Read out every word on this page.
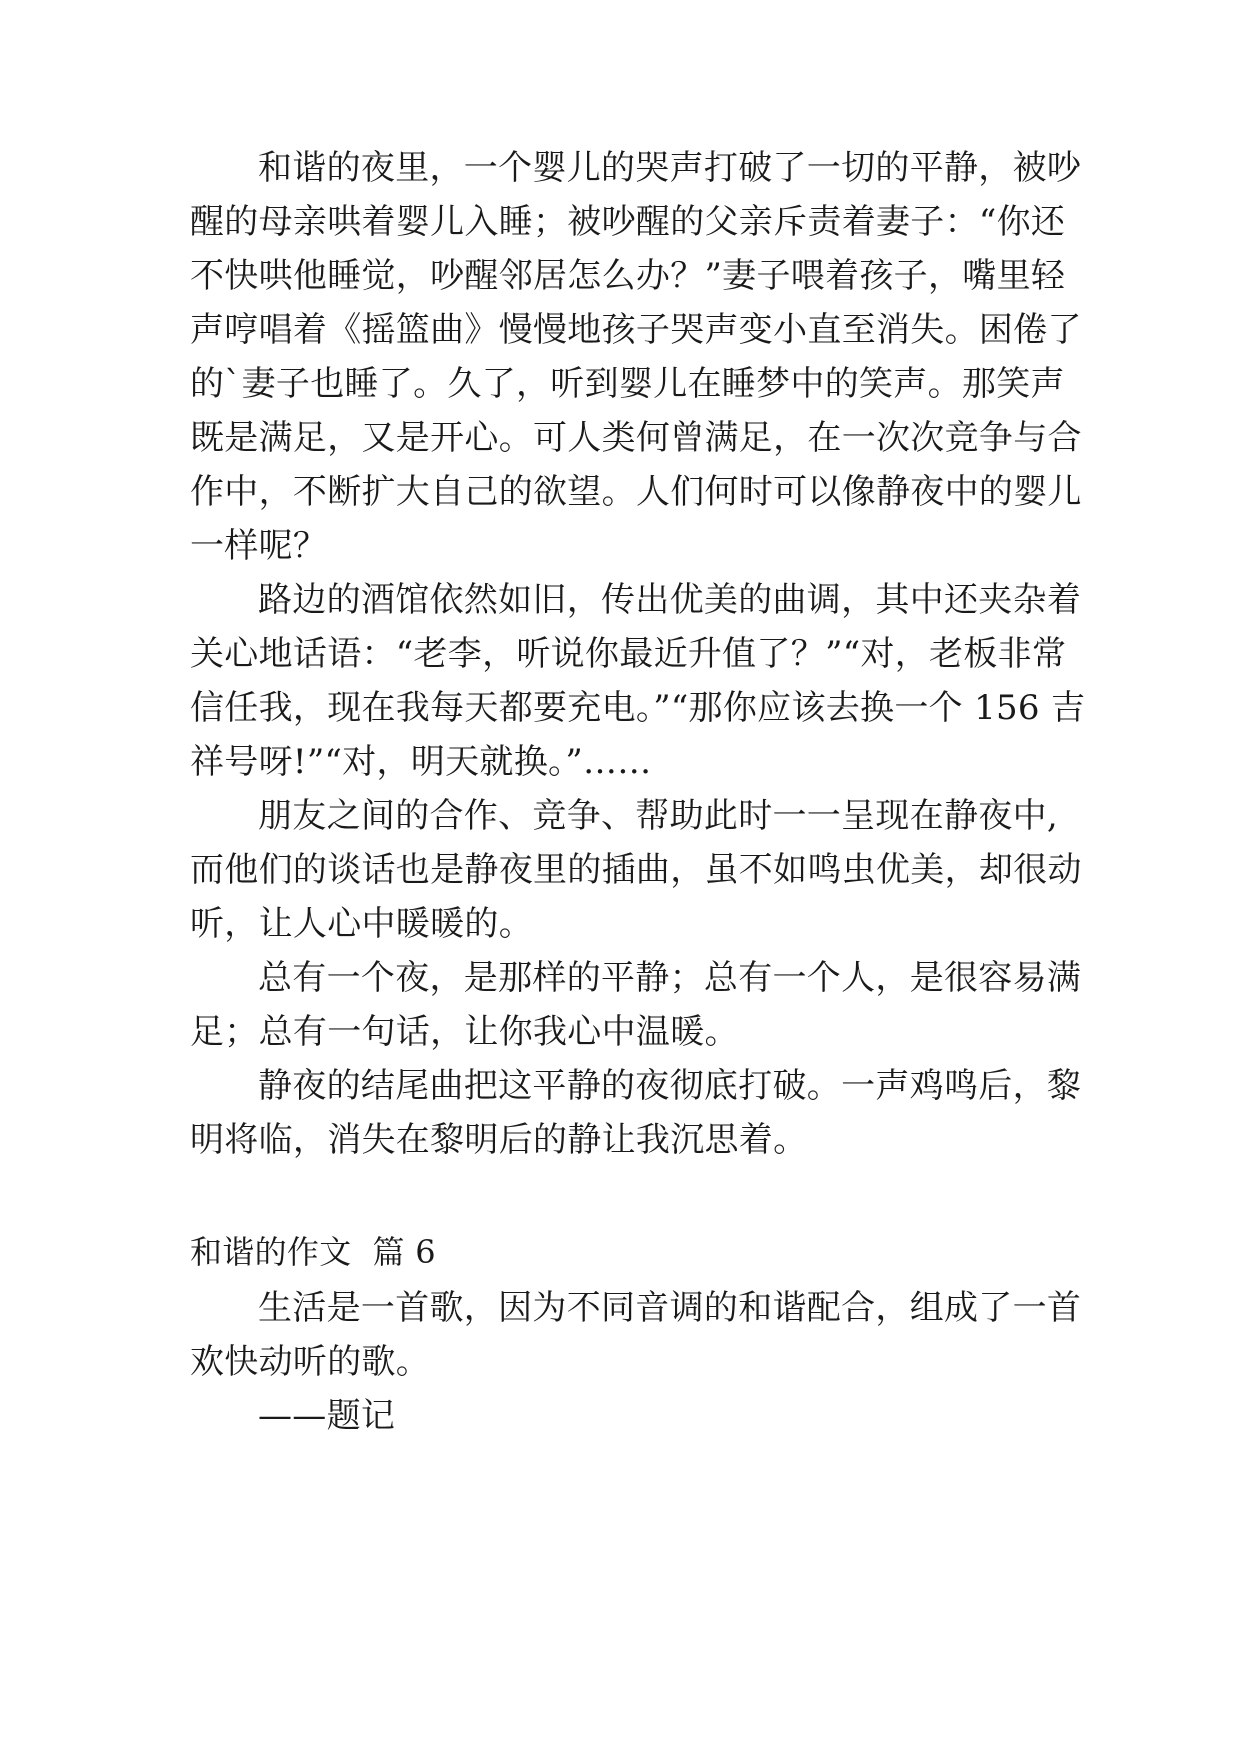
和谐的夜里，一个婴儿的哭声打破了一切的平静，被吵
醒的母亲哄着婴儿入睡；被吵醒的父亲斥责着妻子：“你还
不快哄他睡觉，吵醒邻居怎么办？”妻子喂着孩子，嘴里轻
声哼唱着《摇篮曲》慢慢地孩子哭声变小直至消失。困倦了
的`妻子也睡了。久了，听到婴儿在睡梦中的笑声。那笑声
既是满足，又是开心。可人类何曾满足，在一次次竞争与合
作中，不断扩大自己的欲望。人们何时可以像静夜中的婴儿
一样呢？
路边的酒馆依然如旧，传出优美的曲调，其中还夹杂着
关心地话语：“老李，听说你最近升值了？”“对，老板非常
信任我，现在我每天都要充电。”“那你应该去换一个 156 吉
祥号呀!”“对，明天就换。”……
朋友之间的合作、竞争、帮助此时一一呈现在静夜中,
而他们的谈话也是静夜里的插曲，虽不如鸣虫优美，却很动
听，让人心中暖暖的。
总有一个夜，是那样的平静；总有一个人，是很容易满
足；总有一句话，让你我心中温暖。
静夜的结尾曲把这平静的夜彻底打破。一声鸡鸣后，黎
明将临，消失在黎明后的静让我沉思着。
和谐的作文  篇 6
生活是一首歌，因为不同音调的和谐配合，组成了一首
欢快动听的歌。
——题记
